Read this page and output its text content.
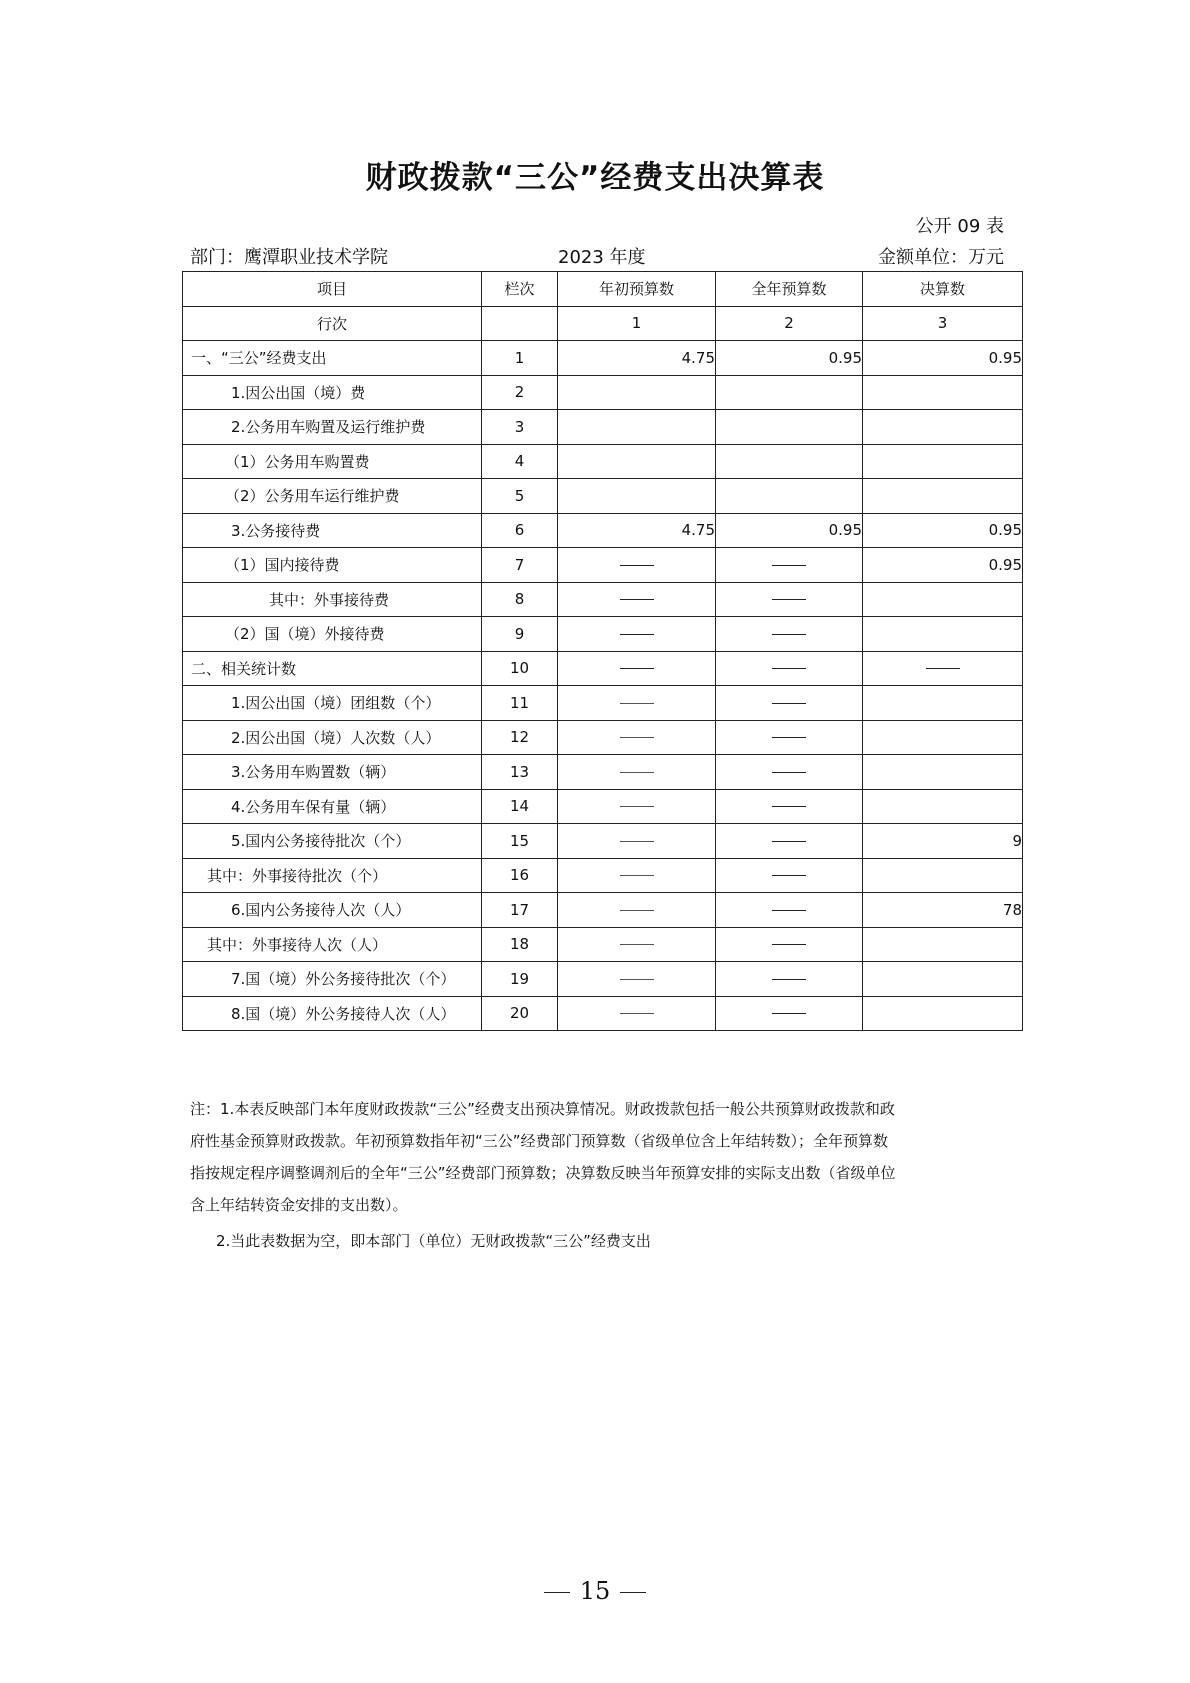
财政拨款“三公”经费支出决算表
公开 09 表
部门：鹰潭职业技术学院	2023 年度	金额单位：万元
项目	栏次	年初预算数	全年预算数	决算数
行次		1	2	3
一、“三公”经费支出	1	4.75	0.95	0.95
1.因公出国（境）费	2			
2.公务用车购置及运行维护费	3			
（1）公务用车购置费	4			
（2）公务用车运行维护费	5			
3.公务接待费	6	4.75	0.95	0.95
（1）国内接待费	7			0.95
其中：外事接待费	8			
（2）国（境）外接待费	9			
二、相关统计数	10			
1.因公出国（境）团组数（个）	11			
2.因公出国（境）人次数（人）	12			
3.公务用车购置数（辆）	13			
4.公务用车保有量（辆）	14			
5.国内公务接待批次（个）	15			9
其中：外事接待批次（个）	16			
6.国内公务接待人次（人）	17			78
其中：外事接待人次（人）	18			
7.国（境）外公务接待批次（个）	19			
8.国（境）外公务接待人次（人）	20			

注：1.本表反映部门本年度财政拨款“三公”经费支出预决算情况。财政拨款包括一般公共预算财政拨款和政

府性基金预算财政拨款。年初预算数指年初“三公”经费部门预算数（省级单位含上年结转数）；全年预算数

指按规定程序调整调剂后的全年“三公”经费部门预算数；决算数反映当年预算安排的实际支出数（省级单位

含上年结转资金安排的支出数）。

2.当此表数据为空，即本部门（单位）无财政拨款“三公”经费支出
15
